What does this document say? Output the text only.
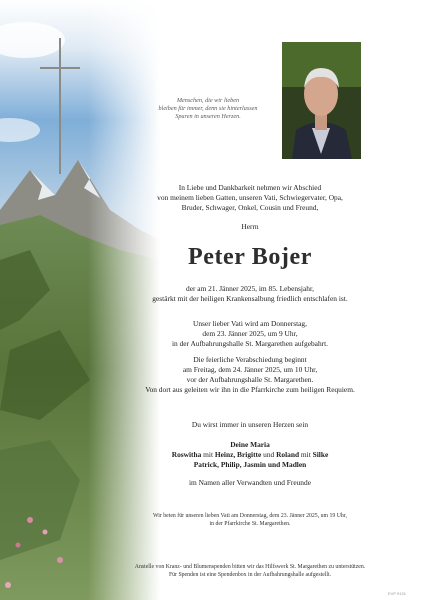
Menschen, die wir lieben
bleiben für immer, denn sie hinterlassen
Spuren in unseren Herzen.

In Liebe und Dankbarkeit nehmen wir Abschied

von meinem lieben Gatten, unseren Vati, Schwiegervater, Opa,

Bruder, Schwager, Onkel, Cousin und Freund,

Herrn

Peter Bojer

der am 21. Jänner 2025, im 85. Lebensjahr,

gestärkt mit der heiligen Krankensalbung friedlich entschlafen ist.

Unser lieber Vati wird am Donnerstag,

dem 23. Jänner 2025, um 9 Uhr,

in der Aufbahrungshalle St. Margarethen aufgebahrt.

Die feierliche Verabschiedung beginnt

am Freitag, dem 24. Jänner 2025, um 10 Uhr,

vor der Aufbahrungshalle St. Margarethen.

Von dort aus geleiten wir ihn in die Pfarrkirche zum heiligen Requiem.

Du wirst immer in unseren Herzen sein

Deine Maria

Roswitha mit Heinz, Brigitte und Roland mit Silke

Patrick, Philip, Jasmin und Madlen

im Namen aller Verwandten und Freunde

Wir beten für unseren lieben Vati am Donnerstag, dem 23. Jänner 2025, um 19 Uhr,

in der Pfarrkirche St. Margarethen.

Anstelle von Kranz- und Blumenspenden bitten wir das Hilfswerk St. Margarethen zu unterstützen.

Für Spenden ist eine Spendenbox in der Aufbahrungshalle aufgestellt.

EVP 9131
